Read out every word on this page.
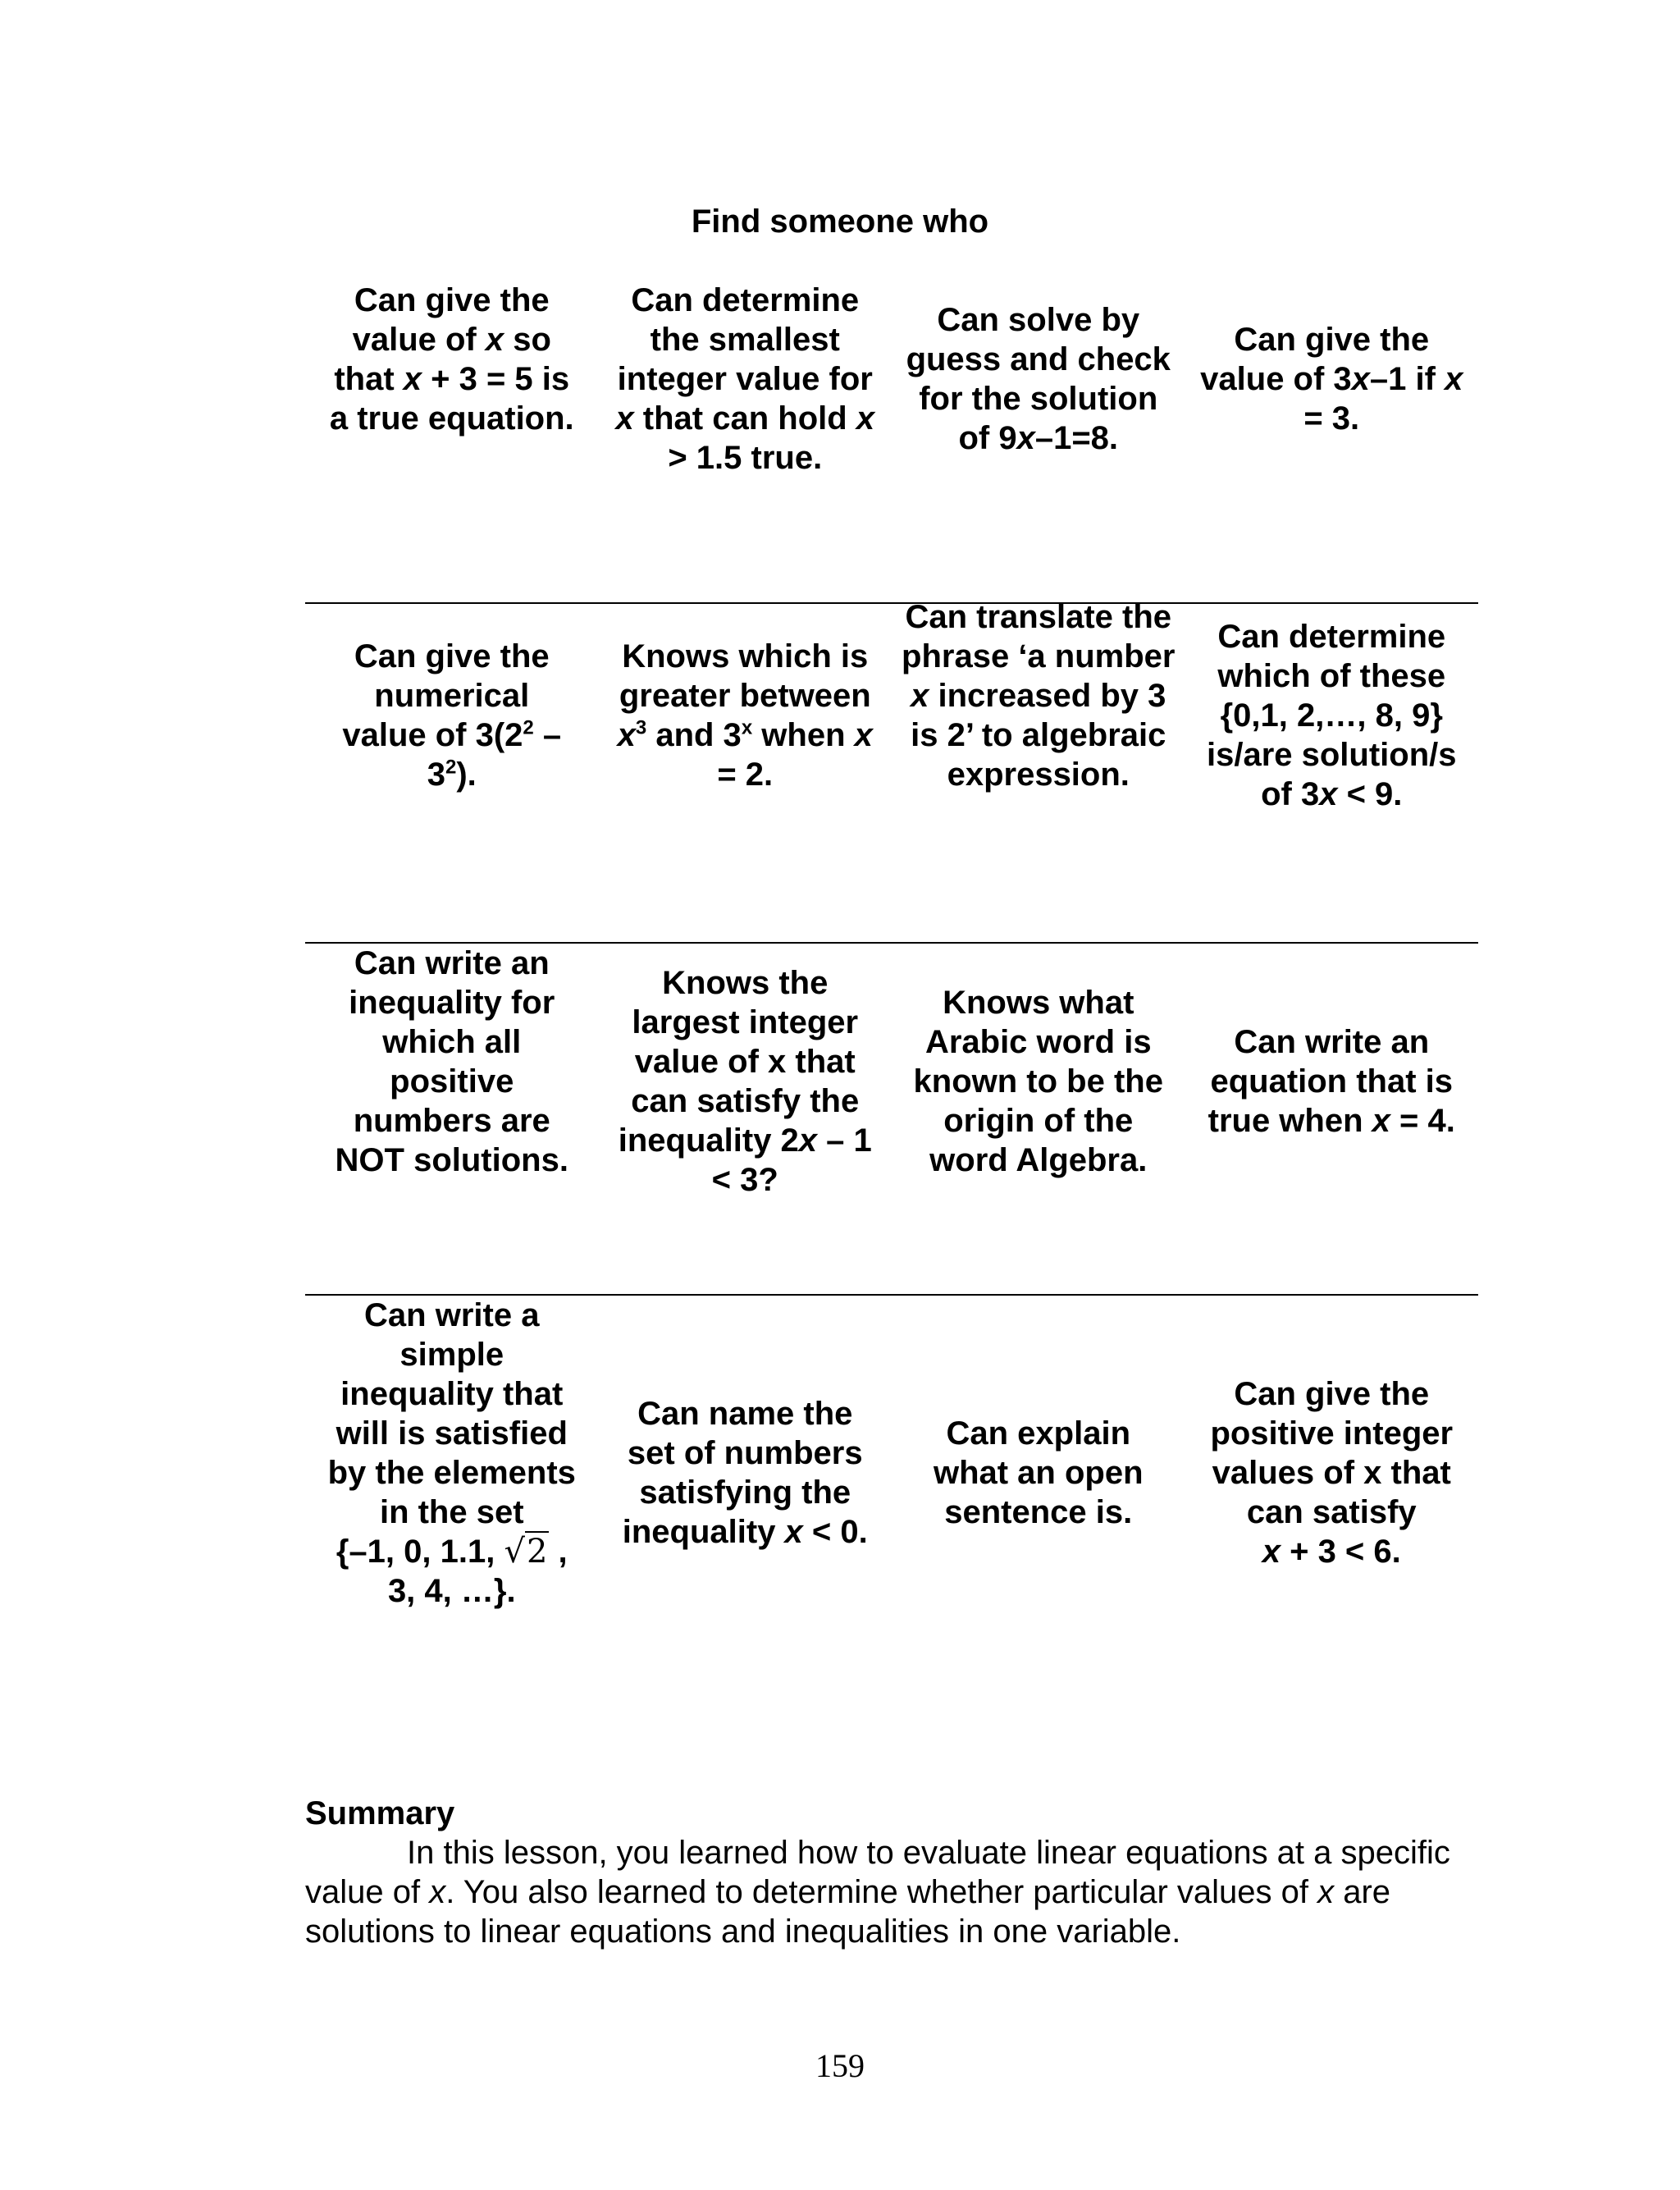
Find someone who
Can give the value of x so that x + 3 = 5 is a true equation.
Can determine the smallest integer value for x that can hold x > 1.5 true.
Can solve by guess and check for the solution of 9x–1=8.
Can give the value of 3x–1 if x = 3.
Can give the numerical value of $3(2^2 - 3^2)$.
Knows which is greater between $x^3$ and 3$^x$ when x = 2.
Can translate the phrase ‘a number x increased by 3 is 2’ to algebraic expression.
Can determine which of these {0,1, 2,…, 8, 9} is/are solution/s of 3x < 9.
Can write an inequality for which all positive numbers are NOT solutions.
Knows the largest integer value of x that can satisfy the inequality 2x – 1 < 3?
Knows what Arabic word is known to be the origin of the word Algebra.
Can write an equation that is true when x = 4.
Can write a simple inequality that will is satisfied by the elements in the set
{–1, 0, 1.1, √2 , 3, 4, …}.
Can name the set of numbers satisfying the inequality x < 0.
Can explain what an open sentence is.
Can give the positive integer values of x that can satisfy
x + 3 < 6.
Summary
In this lesson, you learned how to evaluate linear equations at a specific value of x. You also learned to determine whether particular values of x are solutions to linear equations and inequalities in one variable.
159
